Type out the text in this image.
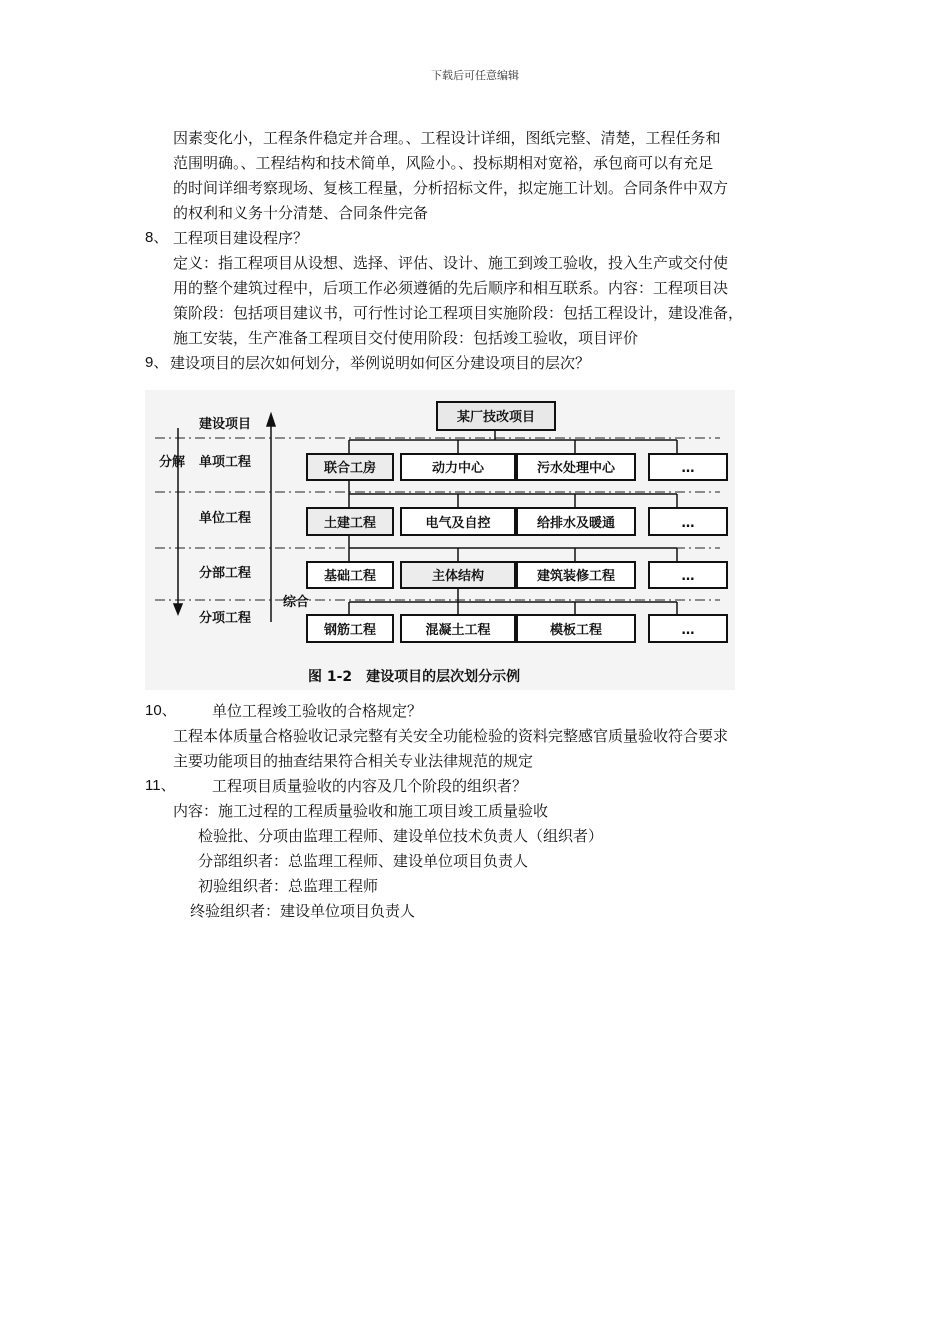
下载后可任意编辑
因素变化小，工程条件稳定并合理。、工程设计详细，图纸完整、清楚，工程任务和
范围明确。、工程结构和技术简单，风险小。、投标期相对宽裕，承包商可以有充足
的时间详细考察现场、复核工程量，分析招标文件，拟定施工计划。合同条件中双方
的权利和义务十分清楚、合同条件完备
8、 工程项目建设程序？
定义：指工程项目从设想、选择、评估、设计、施工到竣工验收，投入生产或交付使
用的整个建筑过程中，后项工作必须遵循的先后顺序和相互联系。内容：工程项目决
策阶段：包括项目建议书，可行性讨论工程项目实施阶段：包括工程设计，建设准备，
施工安装，生产准备工程项目交付使用阶段：包括竣工验收，项目评价
9、 建设项目的层次如何划分，举例说明如何区分建设项目的层次？
建设项目
单项工程
单位工程
分部工程
分项工程
分解
综合
某厂技改项目
联合工房	动力中心	污水处理中心	…
土建工程	电气及自控	给排水及暖通	…
基础工程	主体结构	建筑装修工程	…
钢筋工程	混凝土工程	模板工程	…
图 1-2　建设项目的层次划分示例
10、 单位工程竣工验收的合格规定？
工程本体质量合格验收记录完整有关安全功能检验的资料完整感官质量验收符合要求
主要功能项目的抽查结果符合相关专业法律规范的规定
11、 工程项目质量验收的内容及几个阶段的组织者？
内容：施工过程的工程质量验收和施工项目竣工质量验收
检验批、分项由监理工程师、建设单位技术负责人（组织者）
分部组织者：总监理工程师、建设单位项目负责人
初验组织者：总监理工程师
终验组织者：建设单位项目负责人
